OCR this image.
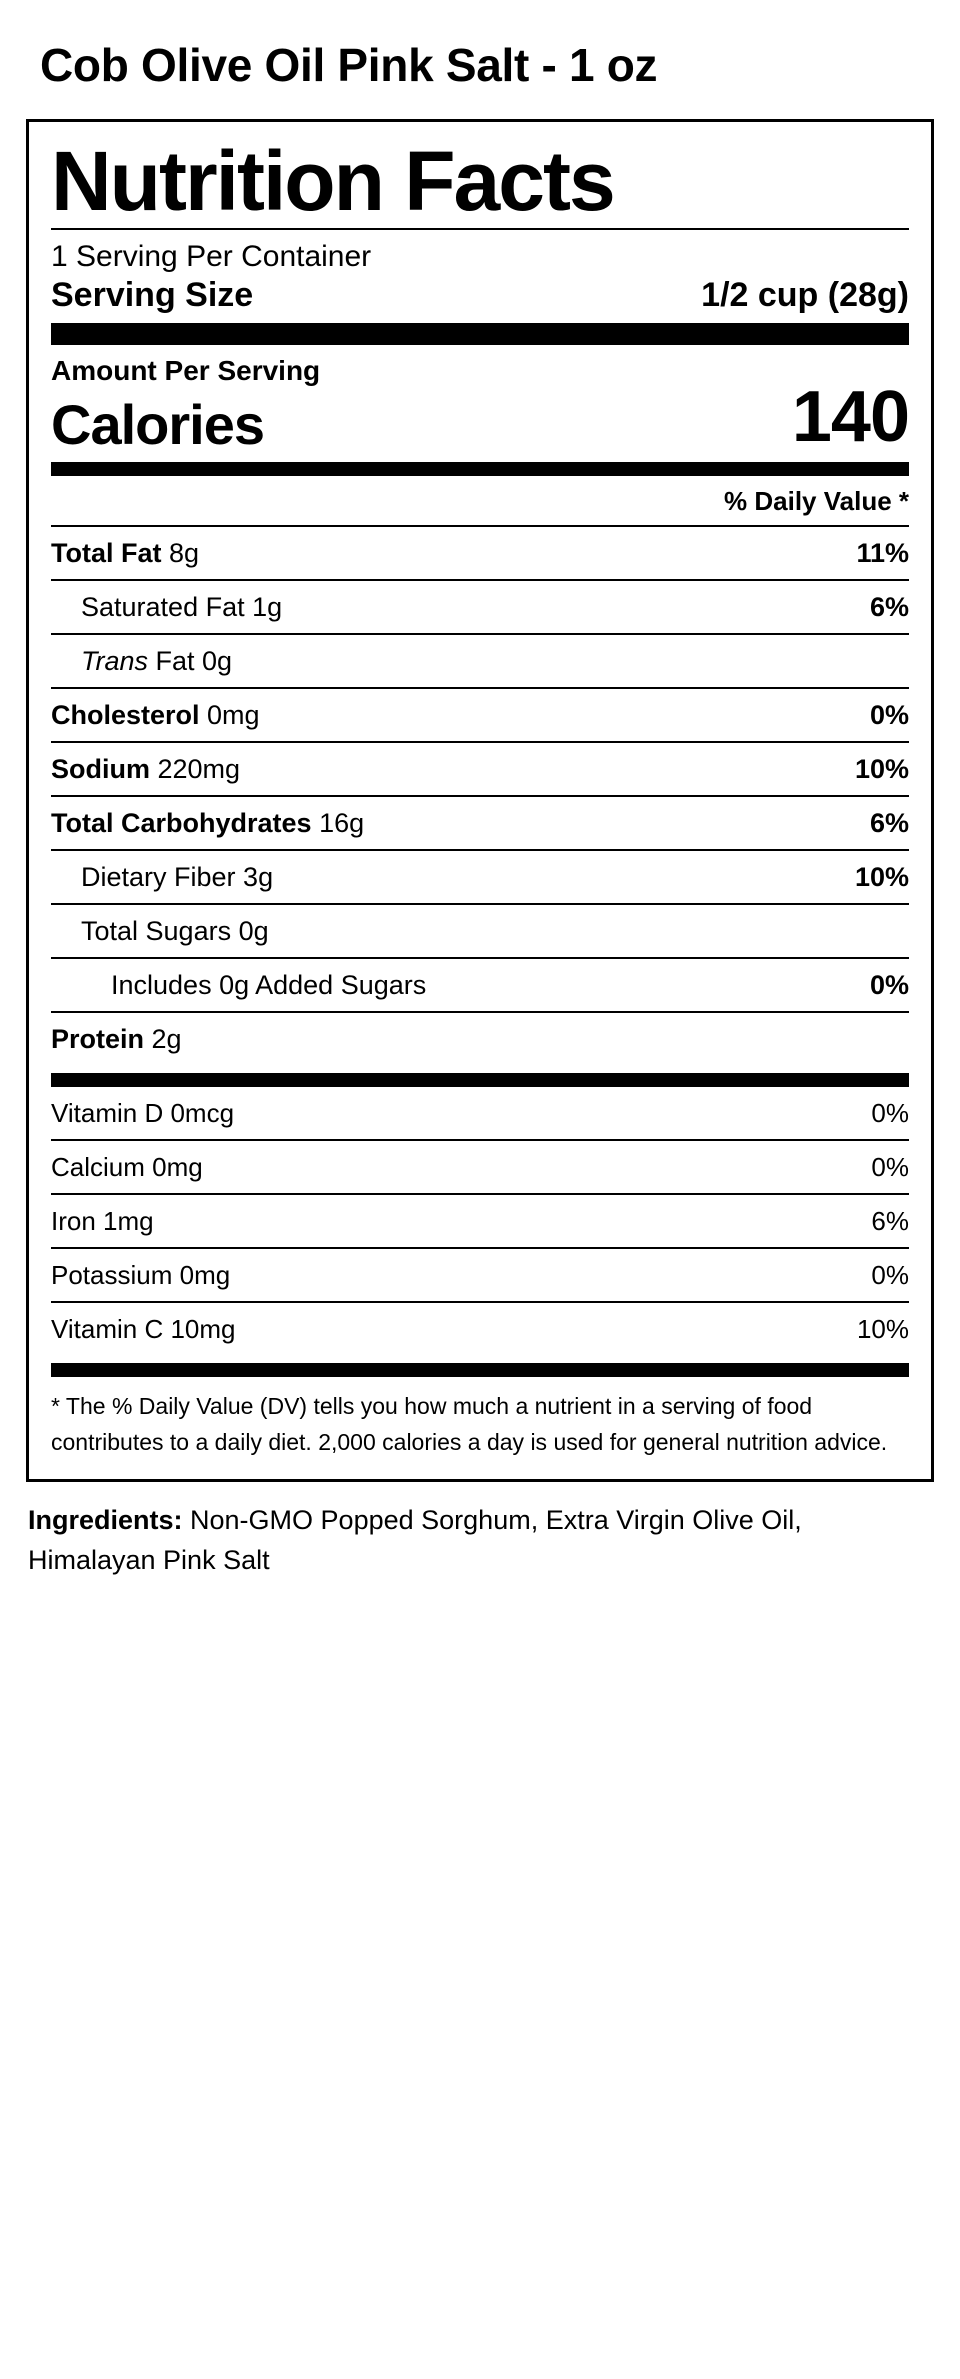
Cob Olive Oil Pink Salt - 1 oz
Nutrition Facts
1 Serving Per Container
Serving Size	1/2 cup (28g)
Amount Per Serving
Calories	140
% Daily Value *
Total Fat 8g	11%
Saturated Fat 1g	6%
Trans Fat 0g
Cholesterol 0mg	0%
Sodium 220mg	10%
Total Carbohydrates 16g	6%
Dietary Fiber 3g	10%
Total Sugars 0g
Includes 0g Added Sugars	0%
Protein 2g
Vitamin D 0mcg	0%
Calcium 0mg	0%
Iron 1mg	6%
Potassium 0mg	0%
Vitamin C 10mg	10%
* The % Daily Value (DV) tells you how much a nutrient in a serving of food contributes to a daily diet. 2,000 calories a day is used for general nutrition advice.
Ingredients: Non-GMO Popped Sorghum, Extra Virgin Olive Oil, Himalayan Pink Salt
